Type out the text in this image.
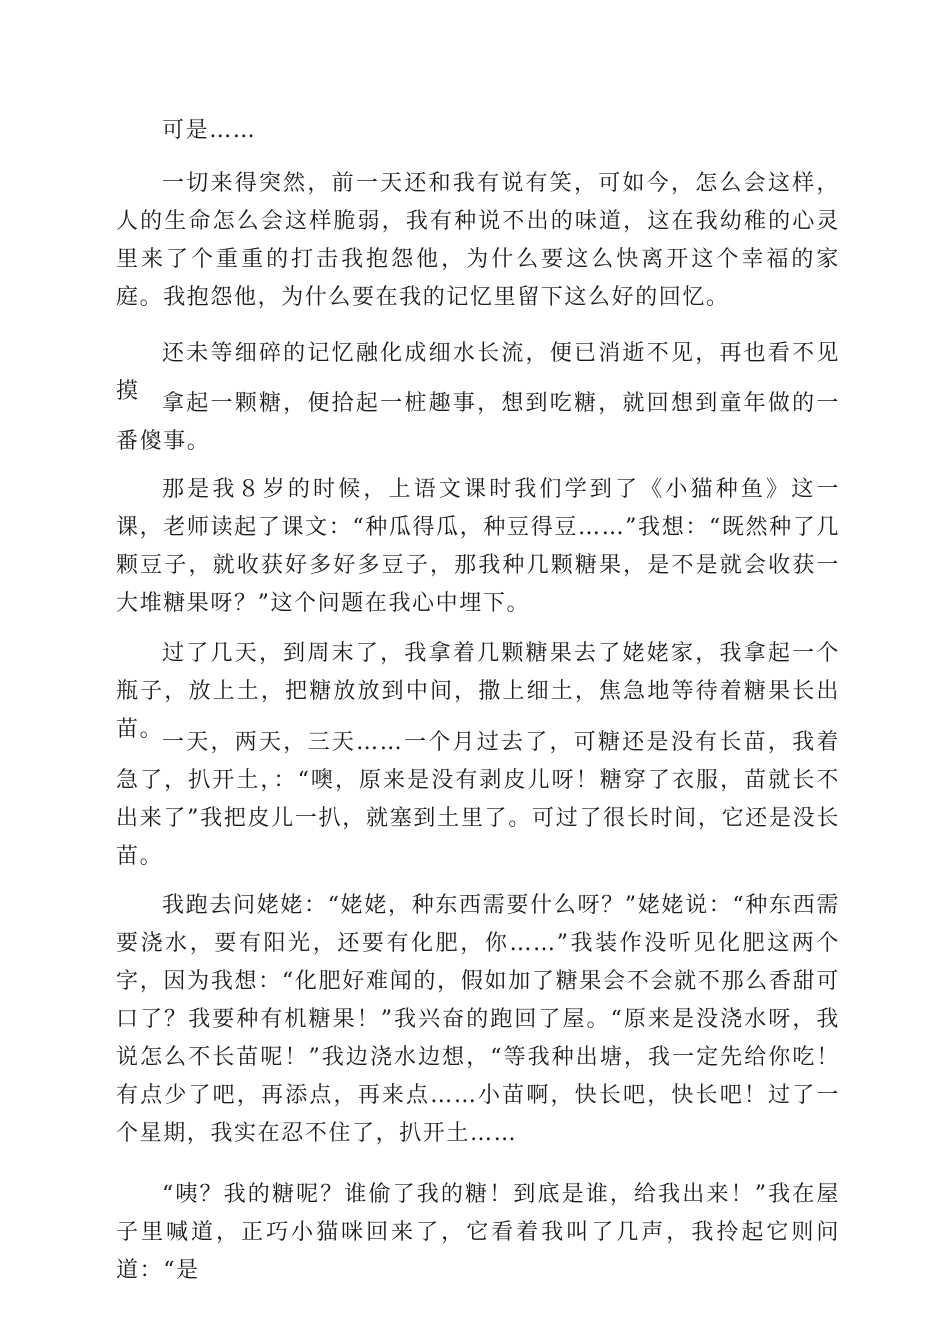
可是……

一切来得突然，前一天还和我有说有笑，可如今，怎么会这样，人的生命怎么会这样脆弱，我有种说不出的味道，这在我幼稚的心灵里来了个重重的打击我抱怨他，为什么要这么快离开这个幸福的家庭。我抱怨他，为什么要在我的记忆里留下这么好的回忆。

还未等细碎的记忆融化成细水长流，便已消逝不见，再也看不见摸	拿起一颗糖，便拾起一桩趣事，想到吃糖，就回想到童年做的一番傻事。

那是我８岁的时候，上语文课时我们学到了《小猫种鱼》这一课，老师读起了课文：“种瓜得瓜，种豆得豆……”我想：“既然种了几颗豆子，就收获好多好多豆子，那我种几颗糖果，是不是就会收获一大堆糖果呀？”这个问题在我心中埋下。

过了几天，到周末了，我拿着几颗糖果去了姥姥家，我拿起一个瓶子，放上土，把糖放放到中间，撒上细土，焦急地等待着糖果长出苗。

一天，两天，三天……一个月过去了，可糖还是没有长苗，我着急了，扒开土，：“噢，原来是没有剥皮儿呀！糖穿了衣服，苗就长不出来了”我把皮儿一扒，就塞到土里了。可过了很长时间，它还是没长苗。

我跑去问姥姥：“姥姥，种东西需要什么呀？”姥姥说：“种东西需要浇水，要有阳光，还要有化肥，你……”我装作没听见化肥这两个字，因为我想：“化肥好难闻的，假如加了糖果会不会就不那么香甜可口了？我要种有机糖果！”我兴奋的跑回了屋。“原来是没浇水呀，我说怎么不长苗呢！”我边浇水边想，“等我种出塘，我一定先给你吃！有点少了吧，再添点，再来点……小苗啊，快长吧，快长吧！过了一个星期，我实在忍不住了，扒开土……

“咦？我的糖呢？谁偷了我的糖！到底是谁，给我出来！”我在屋子里喊道，正巧小猫咪回来了，它看着我叫了几声，我拎起它则问道：“是
